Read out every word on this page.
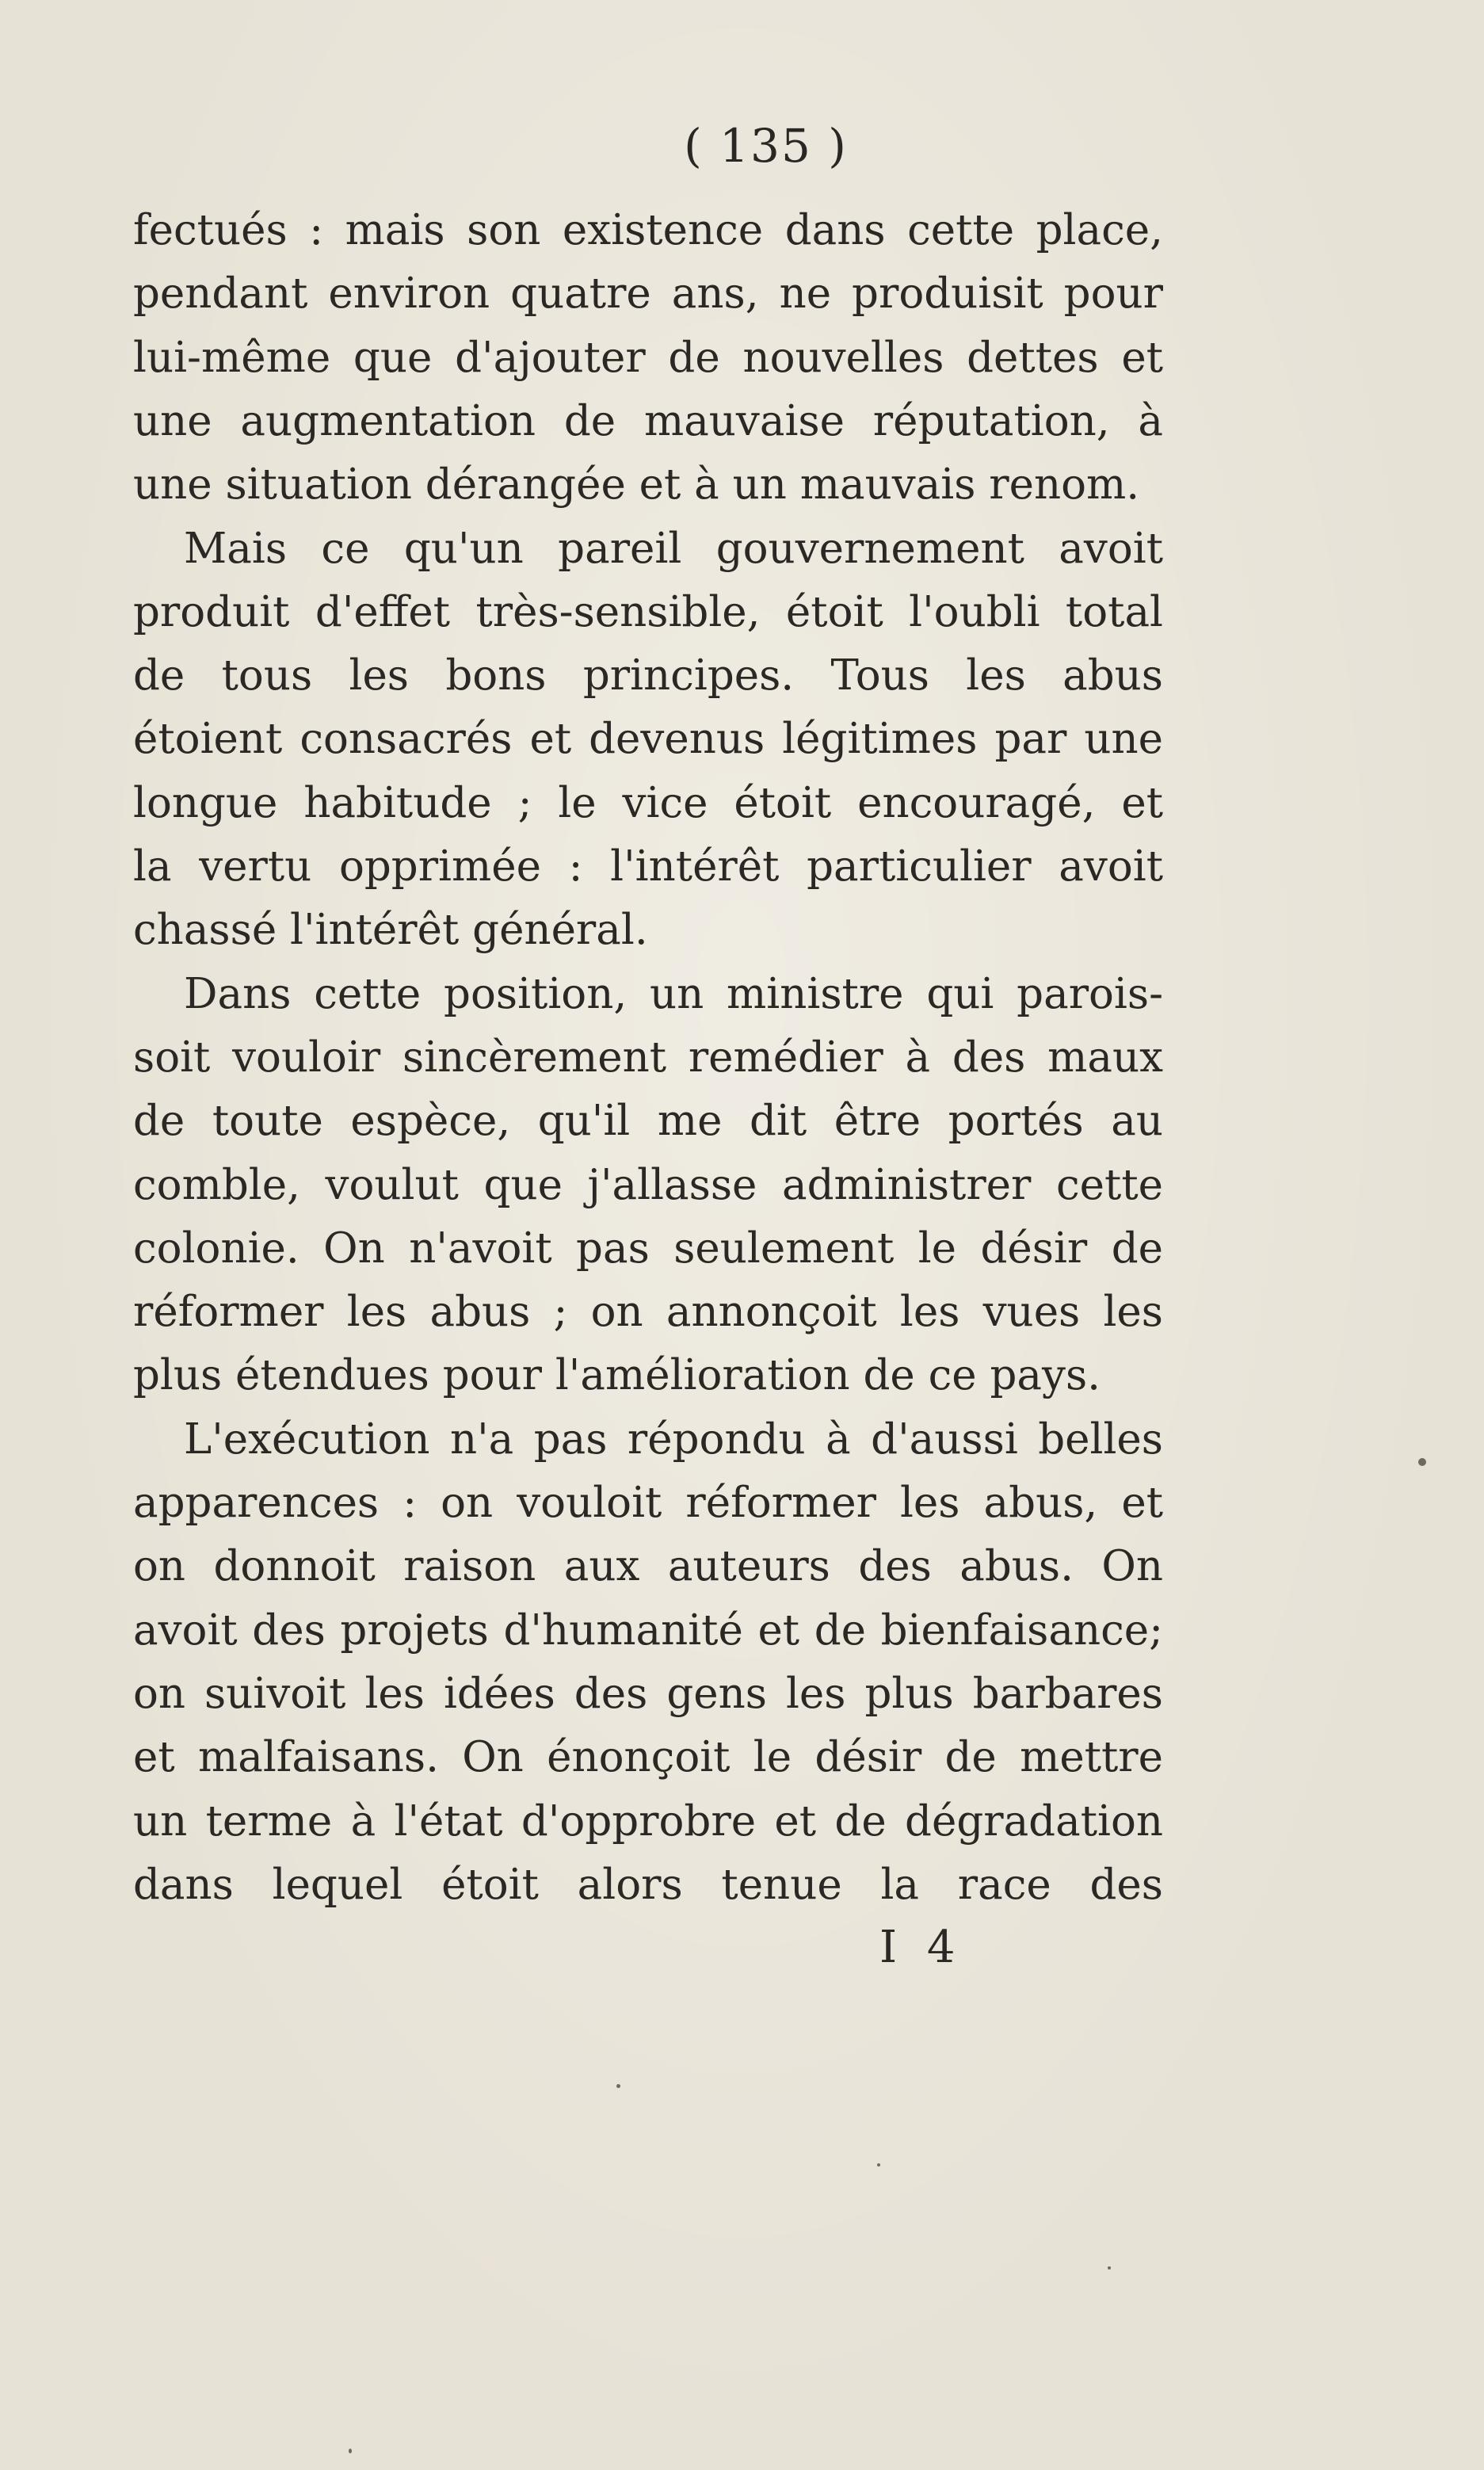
( 135 )
fectués : mais son existence dans cette place,
pendant environ quatre ans, ne produisit pour
lui-même que d'ajouter de nouvelles dettes et
une augmentation de mauvaise réputation, à
une situation dérangée et à un mauvais renom.
Mais ce qu'un pareil gouvernement avoit
produit d'effet très-sensible, étoit l'oubli total
de tous les bons principes. Tous les abus
étoient consacrés et devenus légitimes par une
longue habitude ; le vice étoit encouragé, et
la vertu opprimée : l'intérêt particulier avoit
chassé l'intérêt général.
Dans cette position, un ministre qui parois-
soit vouloir sincèrement remédier à des maux
de toute espèce, qu'il me dit être portés au
comble, voulut que j'allasse administrer cette
colonie. On n'avoit pas seulement le désir de
réformer les abus ; on annonçoit les vues les
plus étendues pour l'amélioration de ce pays.
L'exécution n'a pas répondu à d'aussi belles
apparences : on vouloit réformer les abus, et
on donnoit raison aux auteurs des abus. On
avoit des projets d'humanité et de bienfaisance;
on suivoit les idées des gens les plus barbares
et malfaisans. On énonçoit le désir de mettre
un terme à l'état d'opprobre et de dégradation
dans lequel étoit alors tenue la race des
I 4
